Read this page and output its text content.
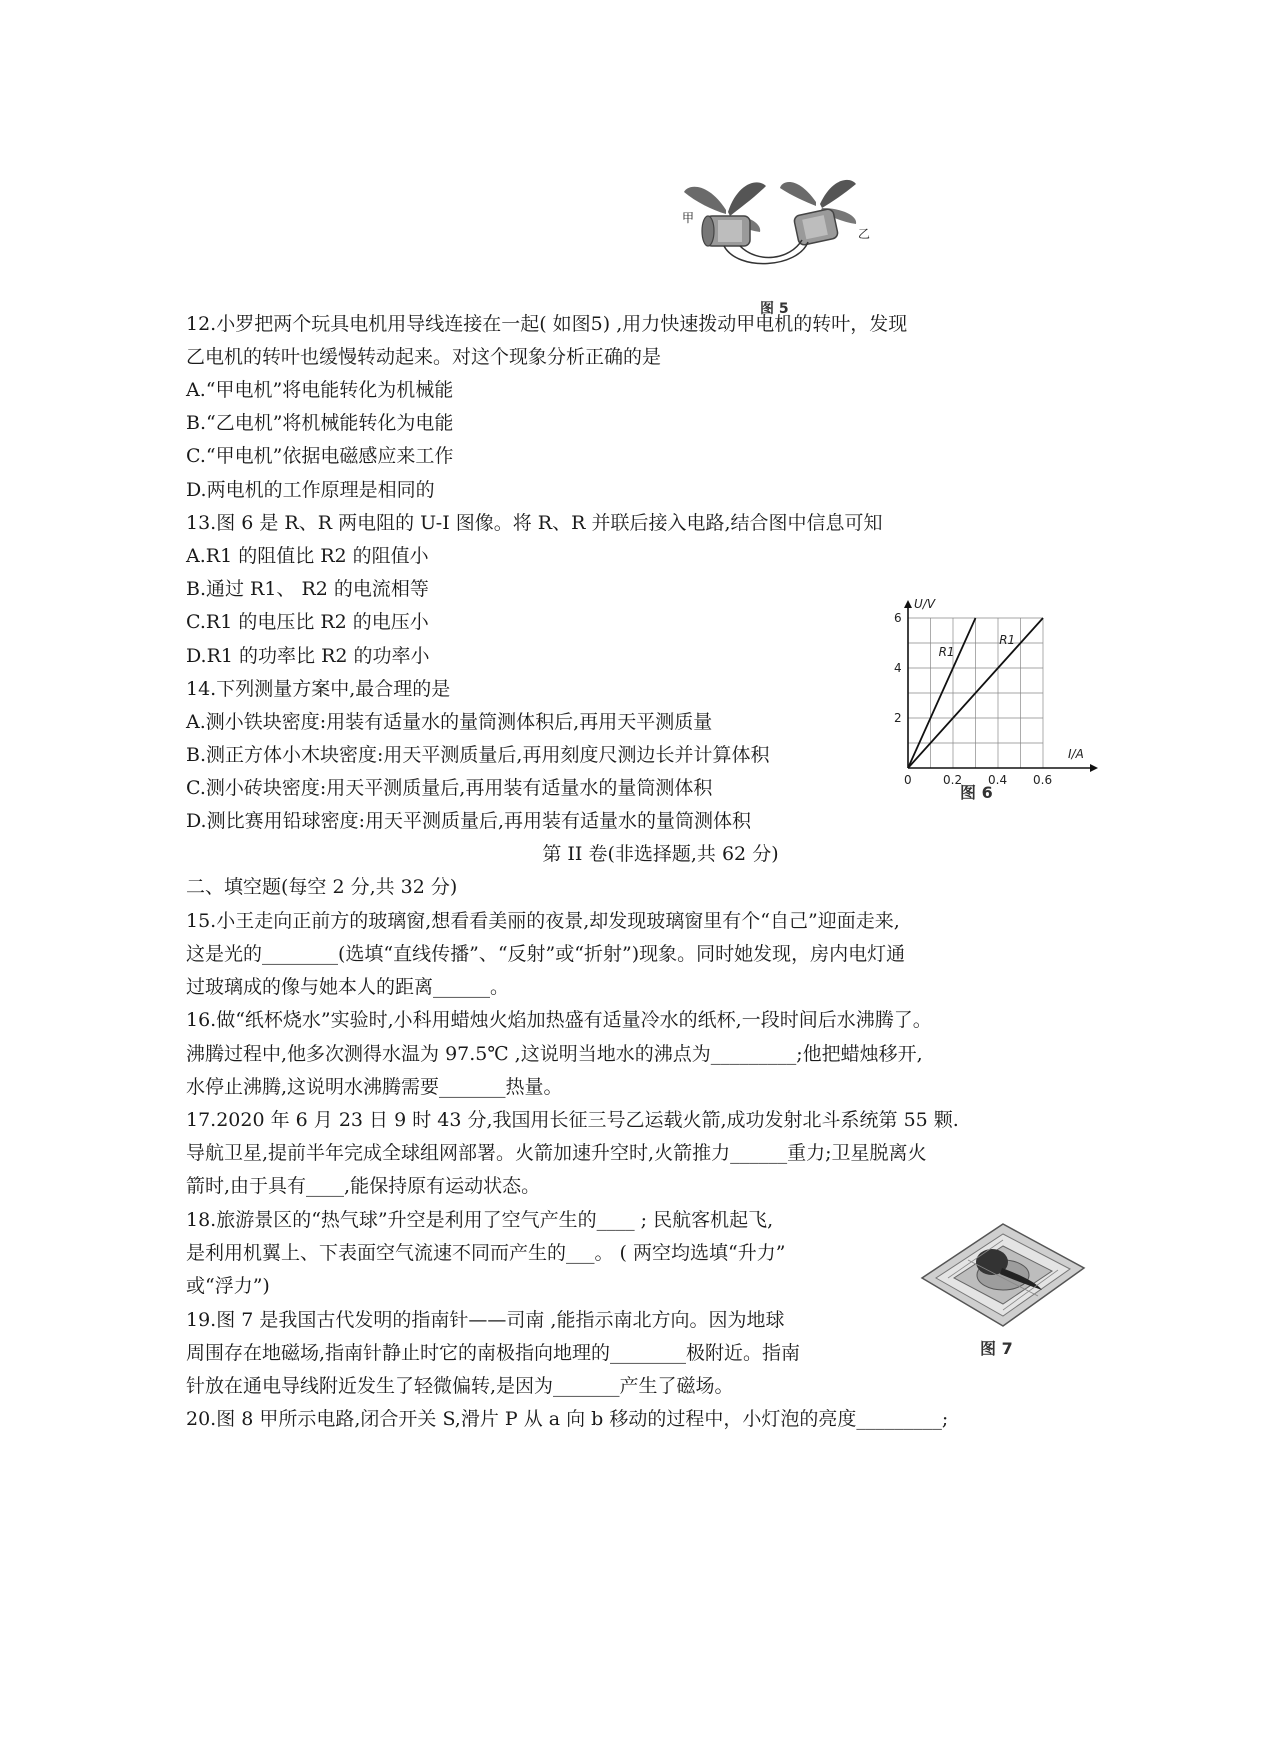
甲
乙
图 5
12.小罗把两个玩具电机用导线连接在一起( 如图5) ,用力快速拨动甲电机的转叶，发现
乙电机的转叶也缓慢转动起来。对这个现象分析正确的是
A.“甲电机”将电能转化为机械能
B.“乙电机”将机械能转化为电能
C.“甲电机”依据电磁感应来工作
D.两电机的工作原理是相同的
13.图 6 是 R、R 两电阻的 U-I 图像。将 R、R 并联后接入电路,结合图中信息可知
A.R1 的阻值比 R2 的阻值小
B.通过 R1、 R2 的电流相等
C.R1 的电压比 R2 的电压小
D.R1 的功率比 R2 的功率小
0	0.2 0.4 0.6
2
4
6
R1
R1
U/V
I/A
图 6
14.下列测量方案中,最合理的是
A.测小铁块密度:用装有适量水的量筒测体积后,再用天平测质量
B.测正方体小木块密度:用天平测质量后,再用刻度尺测边长并计算体积
C.测小砖块密度:用天平测质量后,再用装有适量水的量筒测体积
D.测比赛用铅球密度:用天平测质量后,再用装有适量水的量筒测体积
第 II 卷(非选择题,共 62 分)
二、填空题(每空 2 分,共 32 分)
15.小王走向正前方的玻璃窗,想看看美丽的夜景,却发现玻璃窗里有个“自己”迎面走来,
这是光的________(选填“直线传播”、“反射”或“折射”)现象。同时她发现，房内电灯通
过玻璃成的像与她本人的距离______。
16.做“纸杯烧水”实验时,小科用蜡烛火焰加热盛有适量冷水的纸杯,一段时间后水沸腾了。
沸腾过程中,他多次测得水温为 97.5℃ ,这说明当地水的沸点为_________;他把蜡烛移开,
水停止沸腾,这说明水沸腾需要_______热量。
17.2020 年 6 月 23 日 9 时 43 分,我国用长征三号乙运载火箭,成功发射北斗系统第 55 颗.
导航卫星,提前半年完成全球组网部署。火箭加速升空时,火箭推力______重力;卫星脱离火
箭时,由于具有____,能保持原有运动状态。
18.旅游景区的“热气球”升空是利用了空气产生的____ ; 民航客机起飞,
是利用机翼上、下表面空气流速不同而产生的___。 ( 两空均选填“升力”
或“浮力”)
图 7
19.图 7 是我国古代发明的指南针——司南 ,能指示南北方向。因为地球
周围存在地磁场,指南针静止时它的南极指向地理的________极附近。指南
针放在通电导线附近发生了轻微偏转,是因为_______产生了磁场。
20.图 8 甲所示电路,闭合开关 S,滑片 P 从 a 向 b 移动的过程中，小灯泡的亮度_________;
